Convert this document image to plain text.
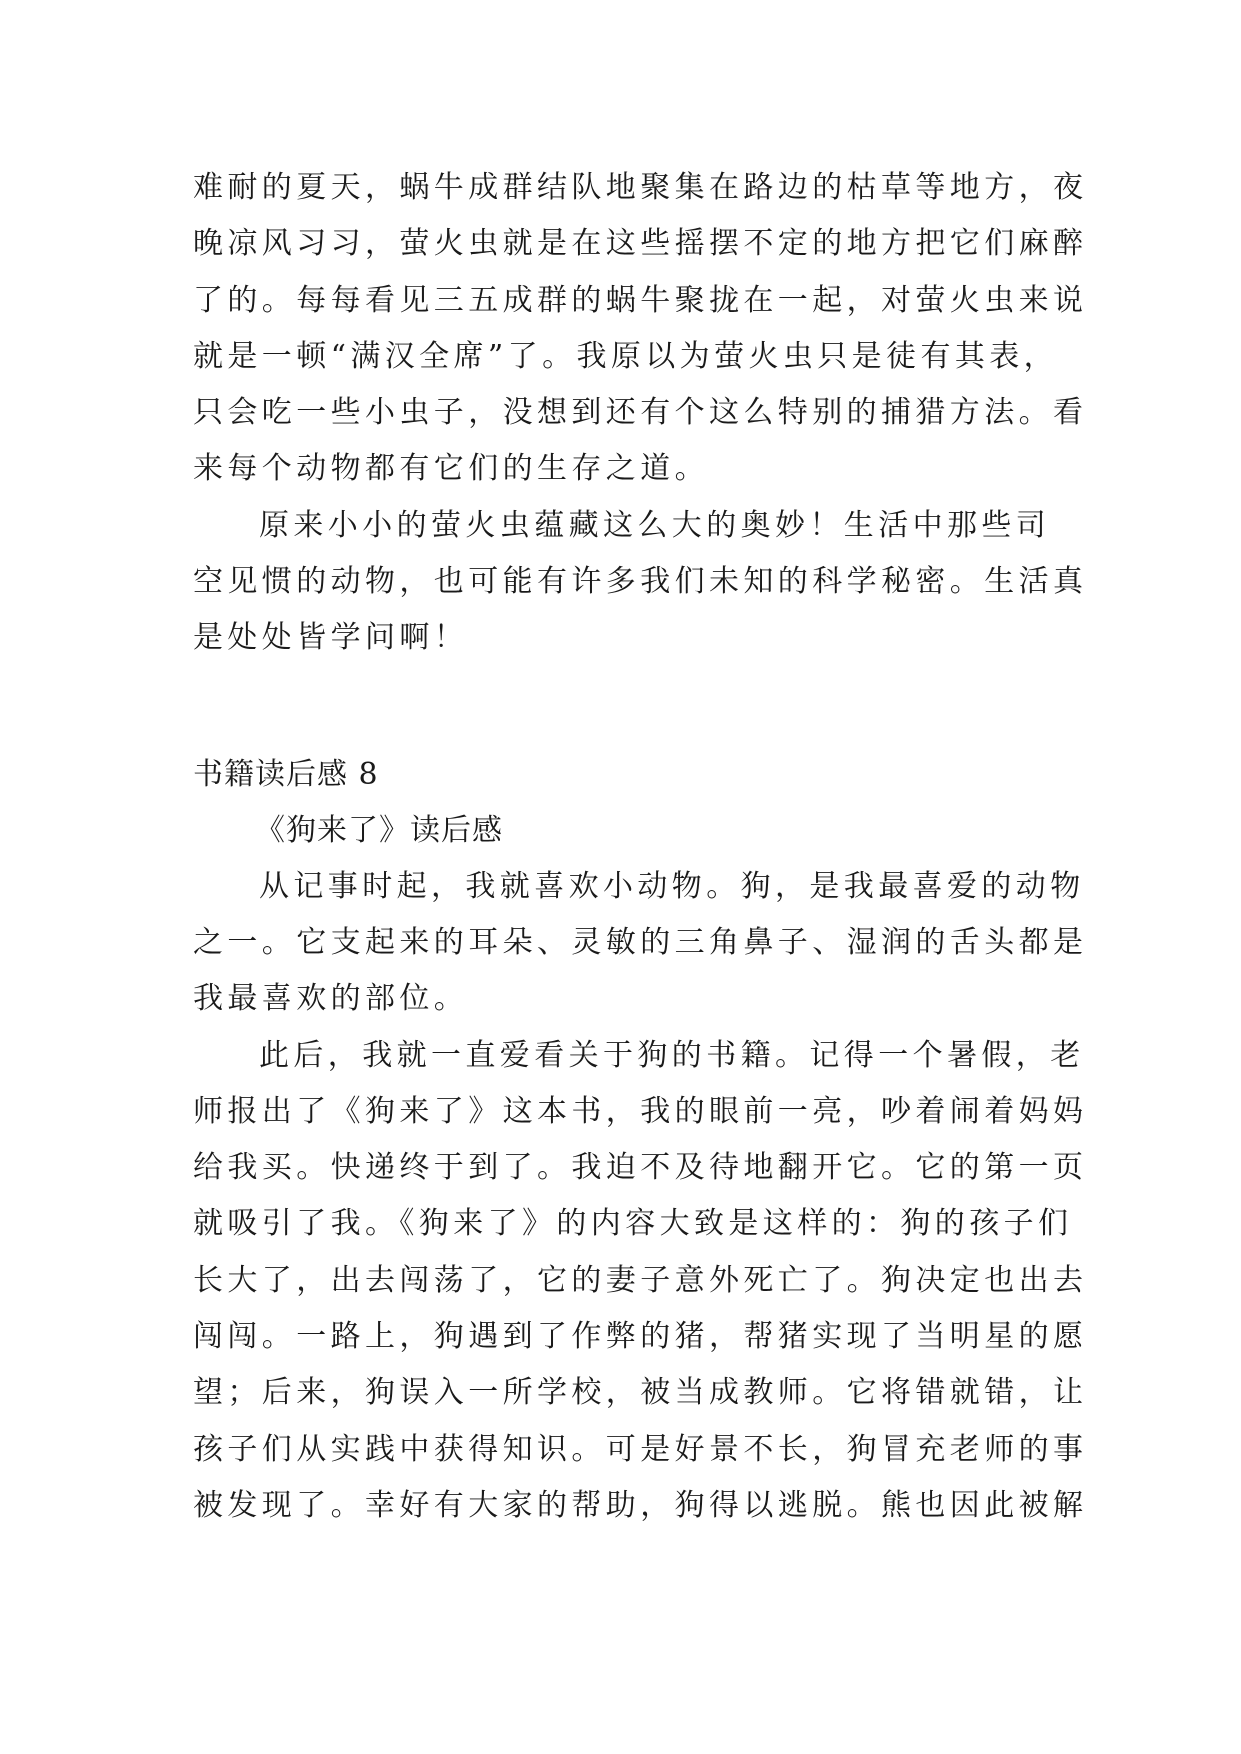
难耐的夏天，蜗牛成群结队地聚集在路边的枯草等地方，夜
晚凉风习习，萤火虫就是在这些摇摆不定的地方把它们麻醉
了的。每每看见三五成群的蜗牛聚拢在一起，对萤火虫来说
就是一顿“满汉全席”了。我原以为萤火虫只是徒有其表，
只会吃一些小虫子，没想到还有个这么特别的捕猎方法。看
来每个动物都有它们的生存之道。
原来小小的萤火虫蕴藏这么大的奥妙！生活中那些司
空见惯的动物，也可能有许多我们未知的科学秘密。生活真
是处处皆学问啊！
书籍读后感 8
《狗来了》读后感
从记事时起，我就喜欢小动物。狗，是我最喜爱的动物
之一。它支起来的耳朵、灵敏的三角鼻子、湿润的舌头都是
我最喜欢的部位。
此后，我就一直爱看关于狗的书籍。记得一个暑假，老
师报出了《狗来了》这本书，我的眼前一亮，吵着闹着妈妈
给我买。快递终于到了。我迫不及待地翻开它。它的第一页
就吸引了我。《狗来了》的内容大致是这样的：狗的孩子们
长大了，出去闯荡了，它的妻子意外死亡了。狗决定也出去
闯闯。一路上，狗遇到了作弊的猪，帮猪实现了当明星的愿
望；后来，狗误入一所学校，被当成教师。它将错就错，让
孩子们从实践中获得知识。可是好景不长，狗冒充老师的事
被发现了。幸好有大家的帮助，狗得以逃脱。熊也因此被解
